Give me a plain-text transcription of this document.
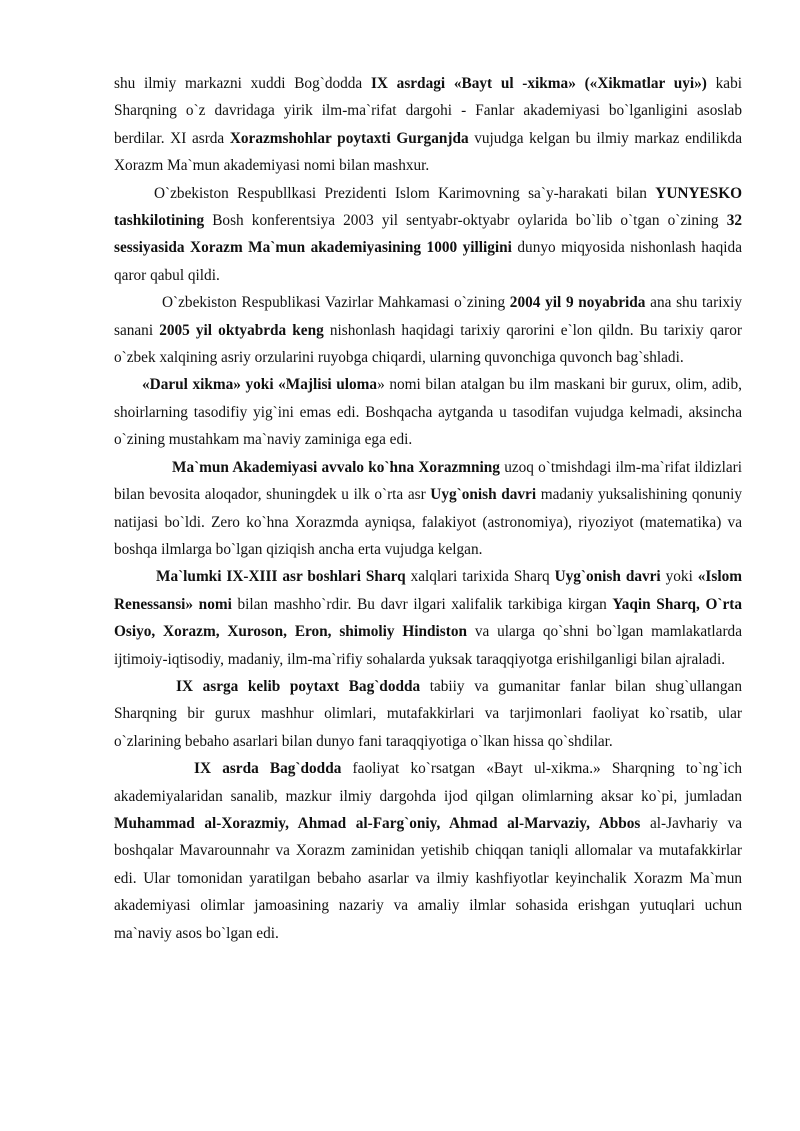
shu ilmiy markazni xuddi Bog`dodda IX asrdagi «Bayt ul -xikma» («Xikmatlar uyi») kabi Sharqning o`z davridaga yirik ilm-ma`rifat dargohi - Fanlar akademiyasi bo`lganligini asoslab berdilar. XI asrda Xorazmshohlar poytaxti Gurganjda vujudga kelgan bu ilmiy markaz endilikda Xorazm Ma`mun akademiyasi nomi bilan mashxur.

O`zbekiston Respubllkasi Prezidenti Islom Karimovning sa`y-harakati bilan YUNYESKO tashkilotining Bosh konferentsiya 2003 yil sentyabr-oktyabr oylarida bo`lib o`tgan o`zining 32 sessiyasida Xorazm Ma`mun akademiyasining 1000 yilligini dunyo miqyosida nishonlash haqida qaror qabul qildi.

O`zbekiston Respublikasi Vazirlar Mahkamasi o`zining 2004 yil 9 noyabrida ana shu tarixiy sanani 2005 yil oktyabrda keng nishonlash haqidagi tarixiy qarorini e`lon qildn. Bu tarixiy qaror o`zbek xalqining asriy orzularini ruyobga chiqardi, ularning quvonchiga quvonch bag`shladi.

«Darul xikma» yoki «Majlisi uloma» nomi bilan atalgan bu ilm maskani bir gurux, olim, adib, shoirlarning tasodifiy yig`ini emas edi. Boshqacha aytganda u tasodifan vujudga kelmadi, aksincha o`zining mustahkam ma`naviy zaminiga ega edi.

Ma`mun Akademiyasi avvalo ko`hna Xorazmning uzoq o`tmishdagi ilm-ma`rifat ildizlari bilan bevosita aloqador, shuningdek u ilk o`rta asr Uyg`onish davri madaniy yuksalishining qonuniy natijasi bo`ldi. Zero ko`hna Xorazmda ayniqsa, falakiyot (astronomiya), riyoziyot (matematika) va boshqa ilmlarga bo`lgan qiziqish ancha erta vujudga kelgan.

Ma`lumki IX-XIII asr boshlari Sharq xalqlari tarixida Sharq Uyg`onish davri yoki «Islom Renessansi» nomi bilan mashho`rdir. Bu davr ilgari xalifalik tarkibiga kirgan Yaqin Sharq, O`rta Osiyo, Xorazm, Xuroson, Eron, shimoliy Hindiston va ularga qo`shni bo`lgan mamlakatlarda ijtimoiy-iqtisodiy, madaniy, ilm-ma`rifiy sohalarda yuksak taraqqiyotga erishilganligi bilan ajraladi.

IX asrga kelib poytaxt Bag`dodda tabiiy va gumanitar fanlar bilan shug`ullangan Sharqning bir gurux mashhur olimlari, mutafakkirlari va tarjimonlari faoliyat ko`rsatib, ular o`zlarining bebaho asarlari bilan dunyo fani taraqqiyotiga o`lkan hissa qo`shdilar.

IX asrda Bag`dodda faoliyat ko`rsatgan «Bayt ul-xikma.» Sharqning to`ng`ich akademiyalaridan sanalib, mazkur ilmiy dargohda ijod qilgan olimlarning aksar ko`pi, jumladan Muhammad al-Xorazmiy, Ahmad al-Farg`oniy, Ahmad al-Marvaziy, Abbos al-Javhariy va boshqalar Mavarounnahr va Xorazm zaminidan yetishib chiqqan taniqli allomalar va mutafakkirlar edi. Ular tomonidan yaratilgan bebaho asarlar va ilmiy kashfiyotlar keyinchalik Xorazm Ma`mun akademiyasi olimlar jamoasining nazariy va amaliy ilmlar sohasida erishgan yutuqlari uchun ma`naviy asos bo`lgan edi.
